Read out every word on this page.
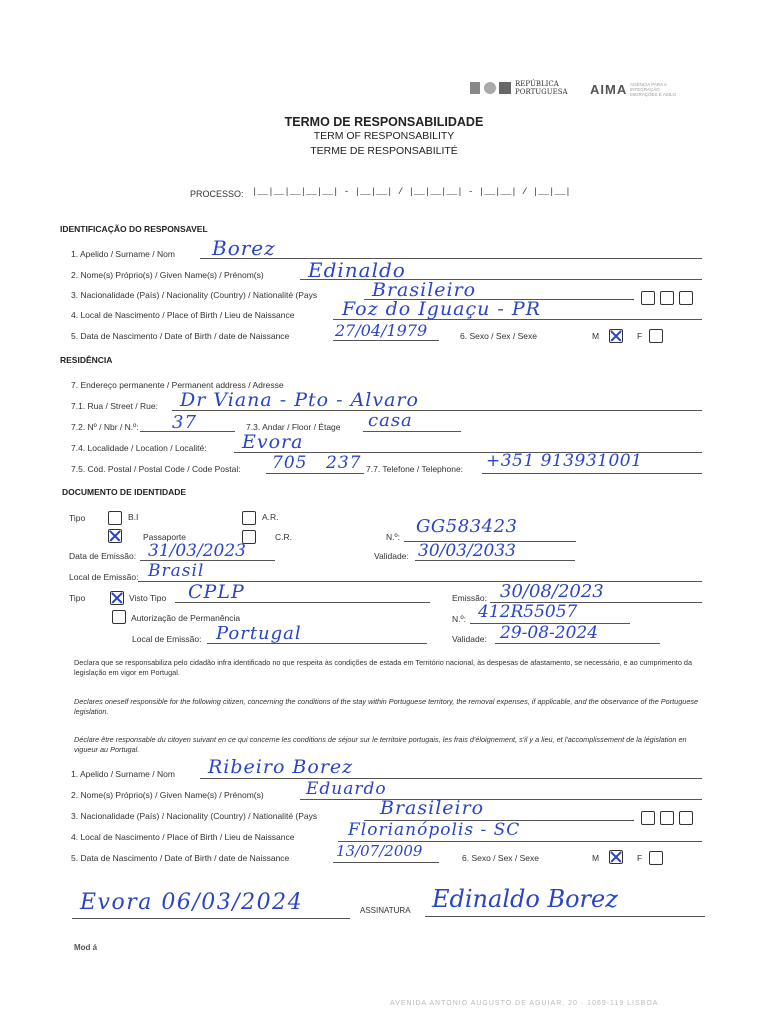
REPÚBLICA
PORTUGUESA AIMA AGÊNCIA PARA A
INTEGRAÇÃO
MIGRAÇÕES E ASILO
TERMO DE RESPONSABILIDADE
TERM OF RESPONSABILITY
TERME DE RESPONSABILITÉ
PROCESSO: |__|__|__|__|__| - |__|__| / |__|__|__| - |__|__| / |__|__|
IDENTIFICAÇÃO DO RESPONSAVEL
1. Apelido / Surname / Nom Borez
2. Nome(s) Próprio(s) / Given Name(s) / Prénom(s) Edinaldo
3. Nacionalidade (País) / Nacionality (Country) / Nationalité (Pays	Brasileiro
4. Local de Nascimento / Place of Birth / Lieu de Naissance	Foz do Iguaçu - PR
5. Data de Nascimento / Date of Birth / date de Naissance	27/04/1979	6. Sexo / Sex / Sexe	M	F
RESIDÊNCIA
7. Endereço permanente / Permanent address / Adresse
7.1. Rua / Street / Rue: Dr Viana - Pto - Alvaro
7.2. Nº / Nbr / N.º: 37	7.3. Andar / Floor / Étage casa
7.4. Localidade / Location / Localité: Evora
7.5. Cód. Postal / Postal Code / Code Postal: 705 237 7.7. Telefone / Telephone: +351 913931001
DOCUMENTO DE IDENTIDADE
Tipo	B.I	A.R.
Passaporte	C.R.	N.º: GG583423
Data de Emissão: 31/03/2023	Validade: 30/03/2033
Local de Emissão: Brasil
Tipo	Visto Tipo CPLP	Emissão: 30/08/2023
Autorização de Permanência	N.º: 412R55057
Local de Emissão: Portugal	Validade: 29-08-2024
Declara que se responsabiliza pelo cidadão infra identificado no que respeita às condições de estada em Território nacional, às despesas de afastamento, se necessário, e ao cumprimento da legislação em vigor em Portugal.
Declares oneself responsible for the following citizen, concerning the conditions of the stay within Portuguese territory, the removal expenses, if applicable, and the observance of the Portuguese legislation.
Déclare être responsable du citoyen suivant en ce qui concerne les conditions de séjour sur le territoire portugais, les frais d'éloignement, s'il y a lieu, et l'accomplissement de la législation en vigueur au Portugal.
1. Apelido / Surname / Nom Ribeiro Borez
2. Nome(s) Próprio(s) / Given Name(s) / Prénom(s) Eduardo
3. Nacionalidade (País) / Nacionality (Country) / Nationalité (Pays	Brasileiro
4. Local de Nascimento / Place of Birth / Lieu de Naissance	Florianópolis - SC
5. Data de Nascimento / Date of Birth / date de Naissance	13/07/2009	6. Sexo / Sex / Sexe	M	F
Evora 06/03/2024	ASSINATURA Edinaldo Borez
Mod á
AVENIDA ANTONIO AUGUSTO DE AGUIAR, 20 · 1069-119 LISBOA
